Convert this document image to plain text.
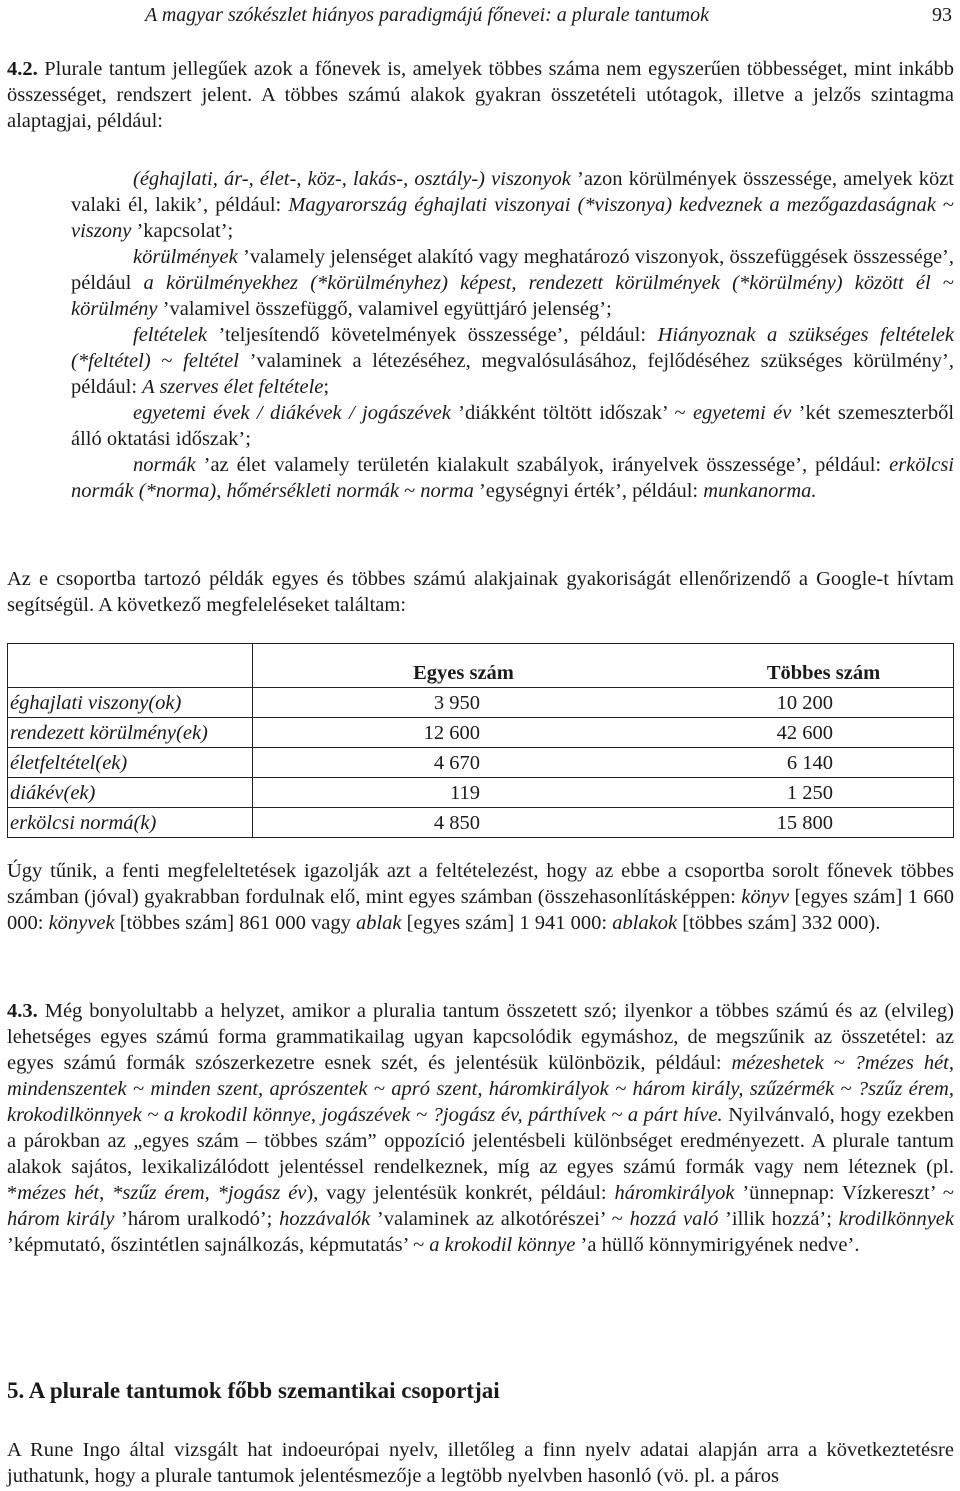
A magyar szókészlet hiányos paradigmájú főnevei: a plurale tantumok	93

4.2. Plurale tantum jellegűek azok a főnevek is, amelyek többes száma nem egyszerűen többességet, mint inkább összességet, rendszert jelent. A többes számú alakok gyakran összetételi utótagok, illetve a jelzős szintagma alaptagjai, például:

(éghajlati, ár-, élet-, köz-, lakás-, osztály-) viszonyok ’azon körülmények összessége, amelyek közt valaki él, lakik’, például: Magyarország éghajlati viszonyai (*viszonya) kedveznek a mezőgazdaságnak ~ viszony ’kapcsolat’;

körülmények ’valamely jelenséget alakító vagy meghatározó viszonyok, összefüggések összessége’, például a körülményekhez (*körülményhez) képest, rendezett körülmények (*körülmény) között él ~ körülmény ’valamivel összefüggő, valamivel együttjáró jelenség’;

feltételek ’teljesítendő követelmények összessége’, például: Hiányoznak a szükséges feltételek (*feltétel) ~ feltétel ’valaminek a létezéséhez, megvalósulásához, fejlődéséhez szükséges körülmény’, például: A szerves élet feltétele;

egyetemi évek / diákévek / jogászévek ’diákként töltött időszak’ ~ egyetemi év ’két szemeszterből álló oktatási időszak’;

normák ’az élet valamely területén kialakult szabályok, irányelvek összessége’, például: erkölcsi normák (*norma), hőmérsékleti normák ~ norma ’egységnyi érték’, például: munkanorma.

Az e csoportba tartozó példák egyes és többes számú alakjainak gyakoriságát ellenőrizendő a Google-t hívtam segítségül. A következő megfeleléseket találtam:

	Egyes szám	Többes szám
éghajlati viszony(ok)	3 950	10 200
rendezett körülmény(ek)	12 600	42 600
életfeltétel(ek)	4 670	6 140
diákév(ek)	119	1 250
erkölcsi normá(k)	4 850	15 800

Úgy tűnik, a fenti megfeleltetések igazolják azt a feltételezést, hogy az ebbe a csoportba sorolt főnevek többes számban (jóval) gyakrabban fordulnak elő, mint egyes számban (összehasonlításképpen: könyv [egyes szám] 1 660 000: könyvek [többes szám] 861 000 vagy ablak [egyes szám] 1 941 000: ablakok [többes szám] 332 000).

4.3. Még bonyolultabb a helyzet, amikor a pluralia tantum összetett szó; ilyenkor a többes számú és az (elvileg) lehetséges egyes számú forma grammatikailag ugyan kapcsolódik egymáshoz, de megszűnik az összetétel: az egyes számú formák szószerkezetre esnek szét, és jelentésük különbözik, például: mézeshetek ~ ?mézes hét, mindenszentek ~ minden szent, aprószentek ~ apró szent, háromkirályok ~ három király, szűzérmék ~ ?szűz érem, krokodilkönnyek ~ a krokodil könnye, jogászévek ~ ?jogász év, párthívek ~ a párt híve. Nyilvánvaló, hogy ezekben a párokban az „egyes szám – többes szám” oppozíció jelentésbeli különbséget eredményezett. A plurale tantum alakok sajátos, lexikalizálódott jelentéssel rendelkeznek, míg az egyes számú formák vagy nem léteznek (pl. *mézes hét, *szűz érem, *jogász év), vagy jelentésük konkrét, például: háromkirályok ’ünnepnap: Vízkereszt’ ~ három király ’három uralkodó’; hozzávalók ’valaminek az alkotórészei’ ~ hozzá való ’illik hozzá’; krodilkönnyek ’képmutató, őszintétlen sajnálkozás, képmutatás’ ~ a krokodil könnye ’a hüllő könnymirigyének nedve’.

5. A plurale tantumok főbb szemantikai csoportjai

A Rune Ingo által vizsgált hat indoeurópai nyelv, illetőleg a finn nyelv adatai alapján arra a következtetésre juthatunk, hogy a plurale tantumok jelentésmezője a legtöbb nyelvben hasonló (vö. pl. a páros
